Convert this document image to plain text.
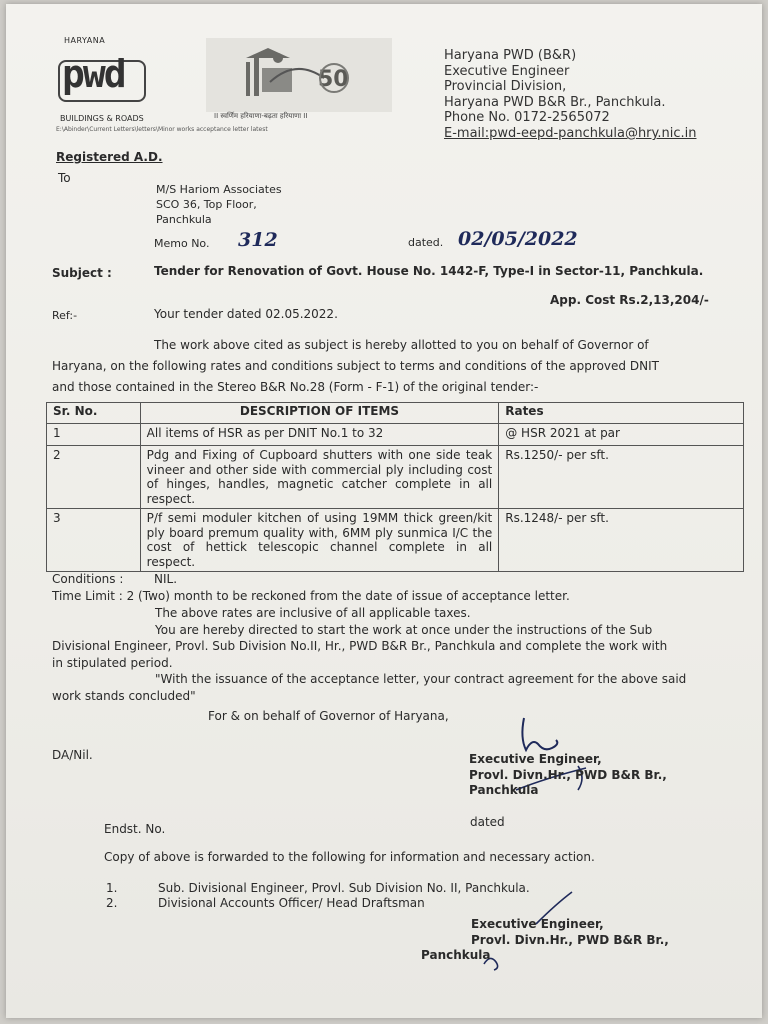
HARYANA
pwd
BUILDINGS & ROADS
E:\Abinder\Current Letters\letters\Minor works acceptance letter latest
50
II स्वर्णिम हरियाणा-बढ़ता हरियाणा II
Haryana PWD (B&R)
Executive Engineer
Provincial Division,
Haryana PWD B&R Br., Panchkula.
Phone No. 0172-2565072
E-mail:pwd-eepd-panchkula@hry.nic.in
Registered A.D.
To
M/S Hariom Associates
SCO 36, Top Floor,
Panchkula
Memo No. 312	dated. 02/05/2022
Subject :	Tender for Renovation of Govt. House No. 1442-F, Type-I in Sector-11, Panchkula.
App. Cost Rs.2,13,204/-
Ref:-	Your tender dated 02.05.2022.
The work above cited as subject is hereby allotted to you on behalf of Governor of
Haryana, on the following rates and conditions subject to terms and conditions of the approved DNIT
and those contained in the Stereo B&R No.28 (Form - F-1) of the original tender:-
Sr. No.	DESCRIPTION OF ITEMS	Rates
1	All items of HSR as per DNIT No.1 to 32	@ HSR 2021 at par
2	Pdg and Fixing of Cupboard shutters with one side teak vineer and other side with commercial ply including cost of hinges, handles, magnetic catcher complete in all respect.	Rs.1250/- per sft.
3	P/f semi moduler kitchen of using 19MM thick green/kit ply board premum quality with, 6MM ply sunmica I/C the cost of hettick telescopic channel complete in all respect.	Rs.1248/- per sft.
Conditions :	NIL.
Time Limit : 2 (Two) month to be reckoned from the date of issue of acceptance letter.
The above rates are inclusive of all applicable taxes.
You are hereby directed to start the work at once under the instructions of the Sub
Divisional Engineer, Provl. Sub Division No.II, Hr., PWD B&R Br., Panchkula and complete the work with
in stipulated period.
"With the issuance of the acceptance letter, your contract agreement for the above said
work stands concluded"
For & on behalf of Governor of Haryana,
DA/Nil.	Executive Engineer,
Provl. Divn.Hr., PWD B&R Br.,
Panchkula
Endst. No.	dated
Copy of above is forwarded to the following for information and necessary action.
1.	Sub. Divisional Engineer, Provl. Sub Division No. II, Panchkula.
2.	Divisional Accounts Officer/ Head Draftsman
Executive Engineer,
Provl. Divn.Hr., PWD B&R Br.,
Panchkula
